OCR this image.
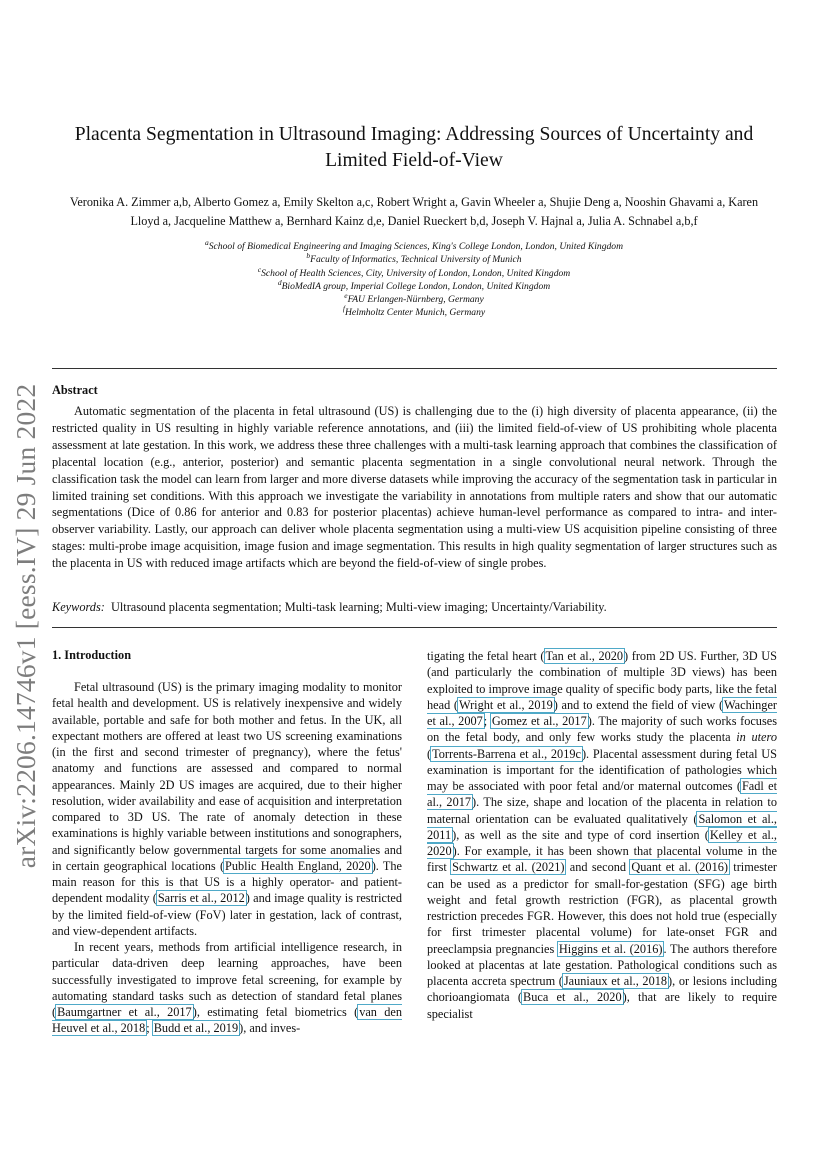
arXiv:2206.14746v1 [eess.IV] 29 Jun 2022
Placenta Segmentation in Ultrasound Imaging: Addressing Sources of Uncertainty and Limited Field-of-View
Veronika A. Zimmer a,b, Alberto Gomez a, Emily Skelton a,c, Robert Wright a, Gavin Wheeler a, Shujie Deng a, Nooshin Ghavami a, Karen Lloyd a, Jacqueline Matthew a, Bernhard Kainz d,e, Daniel Rueckert b,d, Joseph V. Hajnal a, Julia A. Schnabel a,b,f
$^a$School of Biomedical Engineering and Imaging Sciences, King's College London, London, United Kingdom
$^b$Faculty of Informatics, Technical University of Munich
$^c$School of Health Sciences, City, University of London, London, United Kingdom
$^d$BioMedIA group, Imperial College London, London, United Kingdom
$^e$FAU Erlangen-Nürnberg, Germany
$^f$Helmholtz Center Munich, Germany
Abstract
Automatic segmentation of the placenta in fetal ultrasound (US) is challenging due to the (i) high diversity of placenta appearance, (ii) the restricted quality in US resulting in highly variable reference annotations, and (iii) the limited field-of-view of US prohibiting whole placenta assessment at late gestation. In this work, we address these three challenges with a multi-task learning approach that combines the classification of placental location (e.g., anterior, posterior) and semantic placenta segmentation in a single convolutional neural network. Through the classification task the model can learn from larger and more diverse datasets while improving the accuracy of the segmentation task in particular in limited training set conditions. With this approach we investigate the variability in annotations from multiple raters and show that our automatic segmentations (Dice of 0.86 for anterior and 0.83 for posterior placentas) achieve human-level performance as compared to intra- and inter-observer variability. Lastly, our approach can deliver whole placenta segmentation using a multi-view US acquisition pipeline consisting of three stages: multi-probe image acquisition, image fusion and image segmentation. This results in high quality segmentation of larger structures such as the placenta in US with reduced image artifacts which are beyond the field-of-view of single probes.
Keywords: Ultrasound placenta segmentation; Multi-task learning; Multi-view imaging; Uncertainty/Variability.
1. Introduction

Fetal ultrasound (US) is the primary imaging modality to monitor fetal health and development. US is relatively inexpensive and widely available, portable and safe for both mother and fetus. In the UK, all expectant mothers are offered at least two US screening examinations (in the first and second trimester of pregnancy), where the fetus' anatomy and functions are assessed and compared to normal appearances. Mainly 2D US images are acquired, due to their higher resolution, wider availability and ease of acquisition and interpretation compared to 3D US. The rate of anomaly detection in these examinations is highly variable between institutions and sonographers, and significantly below governmental targets for some anomalies and in certain geographical locations (Public Health England, 2020). The main reason for this is that US is a highly operator- and patient-dependent modality (Sarris et al., 2012) and image quality is restricted by the limited field-of-view (FoV) later in gestation, lack of contrast, and view-dependent artifacts.

In recent years, methods from artificial intelligence research, in particular data-driven deep learning approaches, have been successfully investigated to improve fetal screening, for example by automating standard tasks such as detection of standard fetal planes (Baumgartner et al., 2017), estimating fetal biometrics (van den Heuvel et al., 2018; Budd et al., 2019), and inves-

tigating the fetal heart (Tan et al., 2020) from 2D US. Further, 3D US (and particularly the combination of multiple 3D views) has been exploited to improve image quality of specific body parts, like the fetal head (Wright et al., 2019) and to extend the field of view (Wachinger et al., 2007; Gomez et al., 2017). The majority of such works focuses on the fetal body, and only few works study the placenta in utero (Torrents-Barrena et al., 2019c). Placental assessment during fetal US examination is important for the identification of pathologies which may be associated with poor fetal and/or maternal outcomes (Fadl et al., 2017). The size, shape and location of the placenta in relation to maternal orientation can be evaluated qualitatively (Salomon et al., 2011), as well as the site and type of cord insertion (Kelley et al., 2020). For example, it has been shown that placental volume in the first Schwartz et al. (2021) and second Quant et al. (2016) trimester can be used as a predictor for small-for-gestation (SFG) age birth weight and fetal growth restriction (FGR), as placental growth restriction precedes FGR. However, this does not hold true (especially for first trimester placental volume) for late-onset FGR and preeclampsia pregnancies Higgins et al. (2016). The authors therefore looked at placentas at late gestation. Pathological conditions such as placenta accreta spectrum (Jauniaux et al., 2018), or lesions including chorioangiomata (Buca et al., 2020), that are likely to require specialist
